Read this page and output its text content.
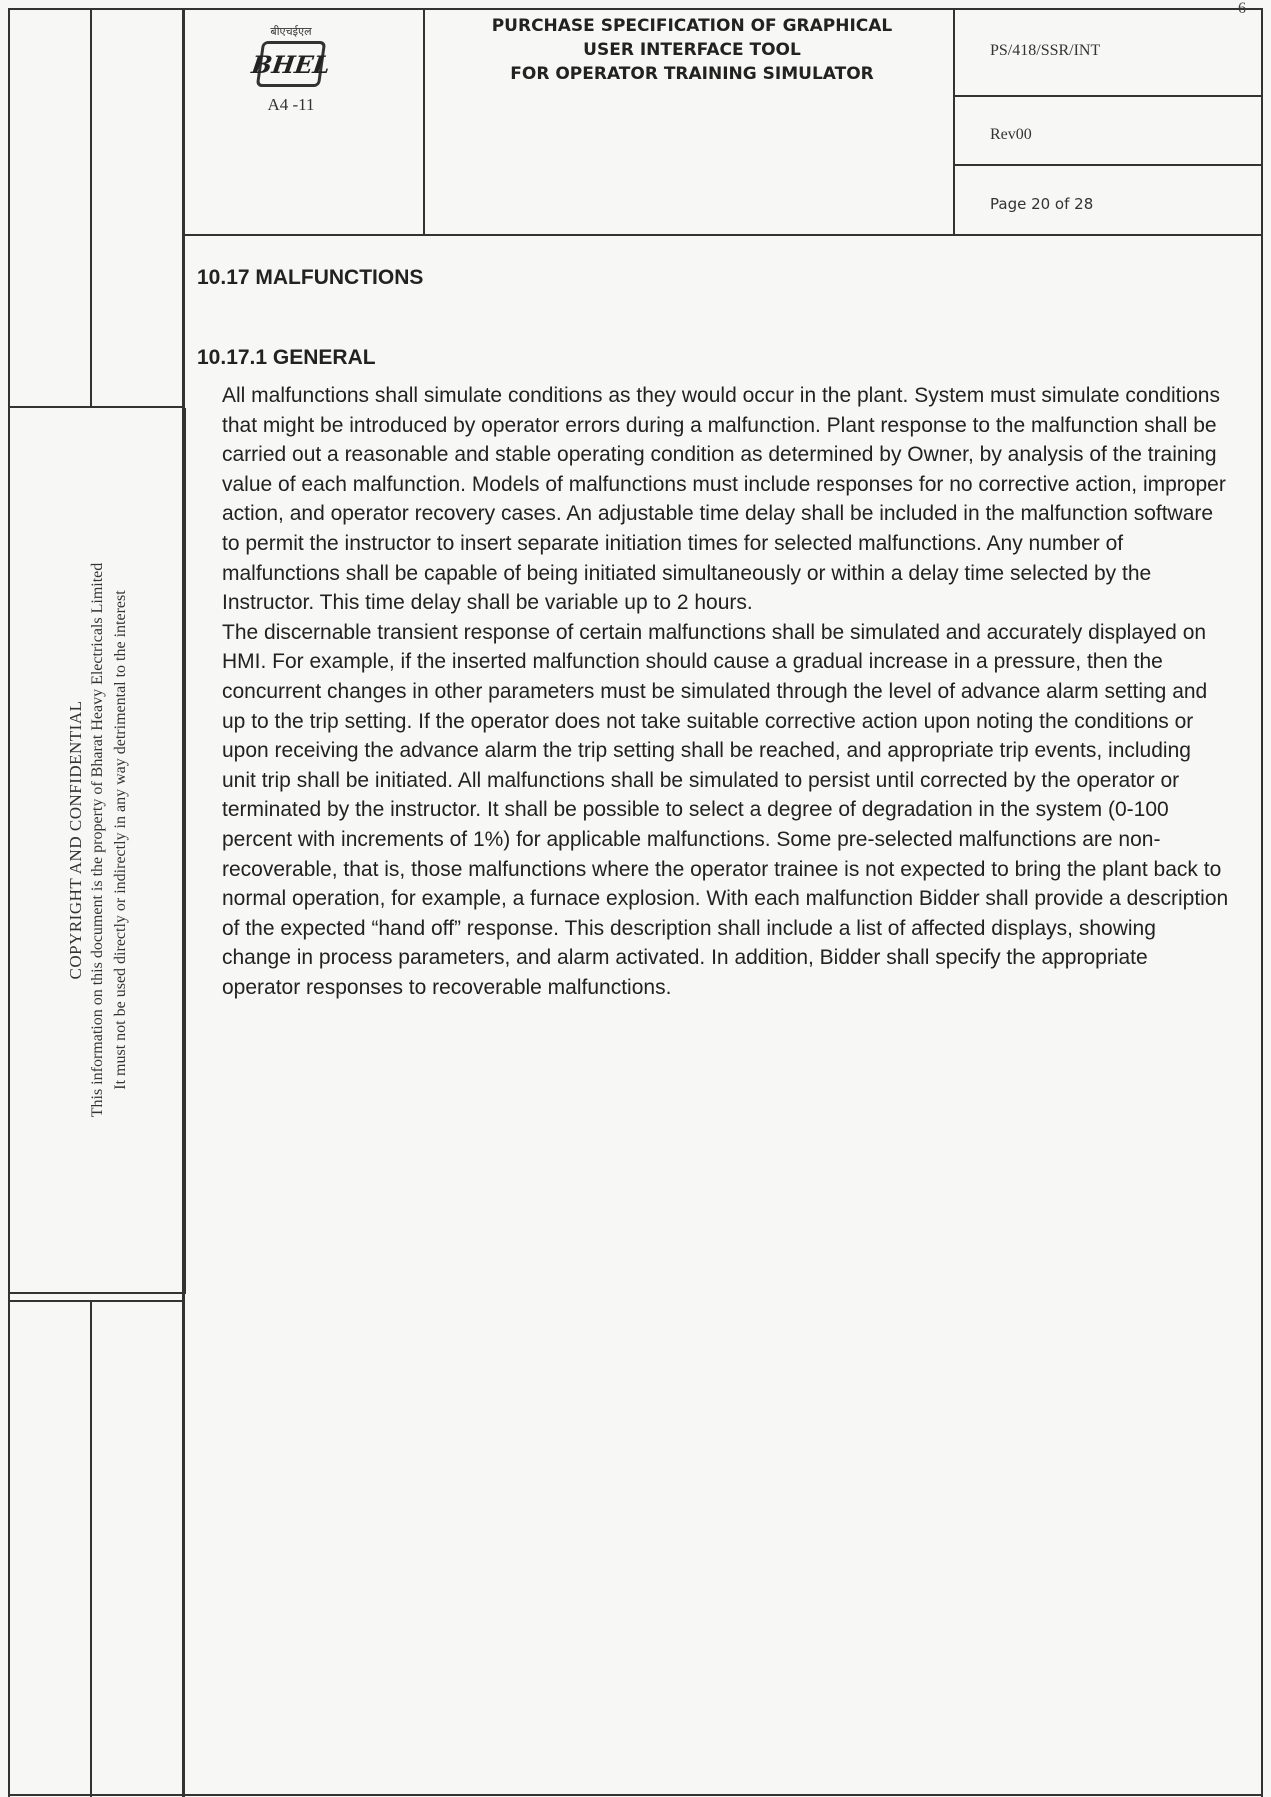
बीएचईएल
BHEL
A4 -11
PURCHASE SPECIFICATION OF GRAPHICAL
USER INTERFACE TOOL
FOR OPERATOR TRAINING SIMULATOR
PS/418/SSR/INT
Rev00
Page 20 of 28
COPYRIGHT AND CONFIDENTIAL This information on this document is the property of Bharat Heavy Electricals Limited It must not be used directly or indirectly in any way detrimental to the interest
10.17 MALFUNCTIONS
10.17.1 GENERAL

All malfunctions shall simulate conditions as they would occur in the plant. System must simulate conditions that might be introduced by operator errors during a malfunction. Plant response to the malfunction shall be carried out a reasonable and stable operating condition as determined by Owner, by analysis of the training value of each malfunction. Models of malfunctions must include responses for no corrective action, improper action, and operator recovery cases. An adjustable time delay shall be included in the malfunction software to permit the instructor to insert separate initiation times for selected malfunctions. Any number of malfunctions shall be capable of being initiated simultaneously or within a delay time selected by the Instructor. This time delay shall be variable up to 2 hours.

The discernable transient response of certain malfunctions shall be simulated and accurately displayed on HMI. For example, if the inserted malfunction should cause a gradual increase in a pressure, then the concurrent changes in other parameters must be simulated through the level of advance alarm setting and up to the trip setting. If the operator does not take suitable corrective action upon noting the conditions or upon receiving the advance alarm the trip setting shall be reached, and appropriate trip events, including unit trip shall be initiated. All malfunctions shall be simulated to persist until corrected by the operator or terminated by the instructor. It shall be possible to select a degree of degradation in the system (0-100 percent with increments of 1%) for applicable malfunctions. Some pre-selected malfunctions are non-recoverable, that is, those malfunctions where the operator trainee is not expected to bring the plant back to normal operation, for example, a furnace explosion. With each malfunction Bidder shall provide a description of the expected “hand off” response. This description shall include a list of affected displays, showing change in process parameters, and alarm activated. In addition, Bidder shall specify the appropriate operator responses to recoverable malfunctions.
